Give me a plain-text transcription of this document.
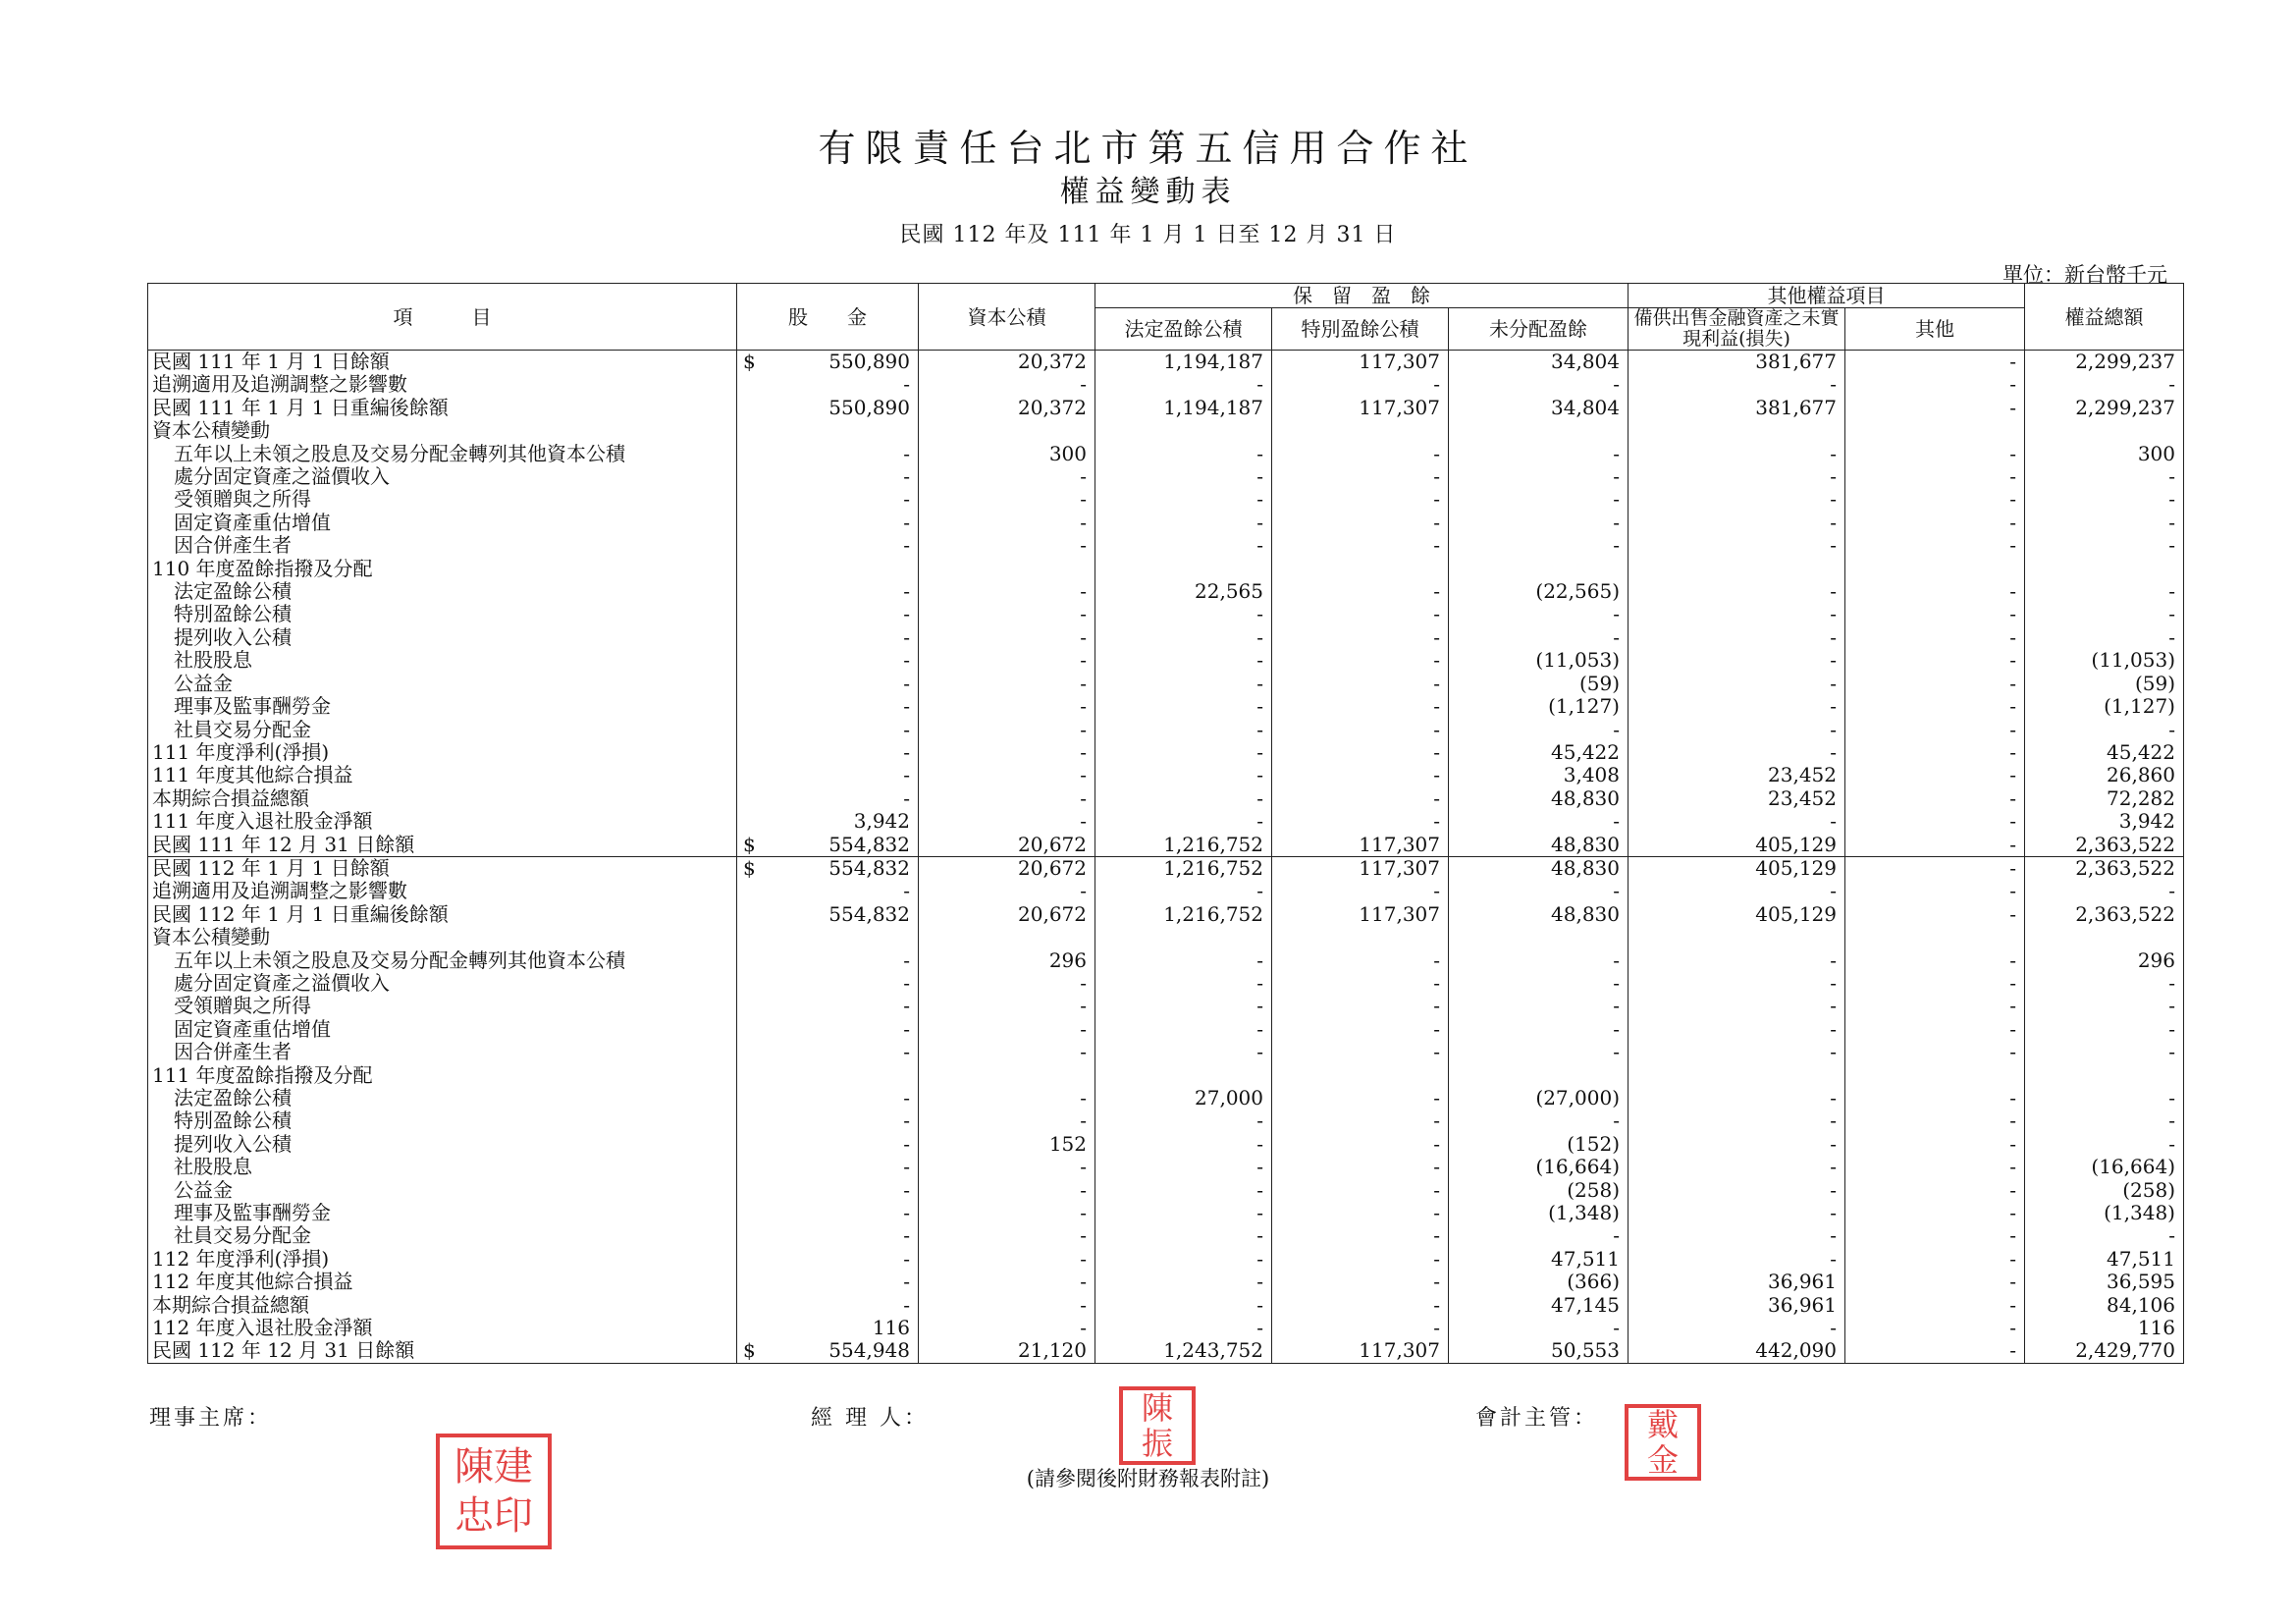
有限責任台北市第五信用合作社
權益變動表
民國 112 年及 111 年 1 月 1 日至 12 月 31 日
單位：新台幣千元
項　　　目	股　　金	資本公積	保　留　盈　餘			其他權益項目		權益總額
			法定盈餘公積	特別盈餘公積	未分配盈餘	備供出售金融資產之未實現利益(損失)	其他	
民國 111 年 1 月 1 日餘額	$ 550,890	20,372	1,194,187	117,307	34,804	381,677	-	2,299,237
追溯適用及追溯調整之影響數	-	-	-	-	-	-	-	-
民國 111 年 1 月 1 日重編後餘額	550,890	20,372	1,194,187	117,307	34,804	381,677	-	2,299,237
資本公積變動								
五年以上未領之股息及交易分配金轉列其他資本公積	-	300	-	-	-	-	-	300
處分固定資產之溢價收入	-	-	-	-	-	-	-	-
受領贈與之所得	-	-	-	-	-	-	-	-
固定資產重估增值	-	-	-	-	-	-	-	-
因合併產生者	-	-	-	-	-	-	-	-
110 年度盈餘指撥及分配								
法定盈餘公積	-	-	22,565	-	(22,565)	-	-	-
特別盈餘公積	-	-	-	-	-	-	-	-
提列收入公積	-	-	-	-	-	-	-	-
社股股息	-	-	-	-	(11,053)	-	-	(11,053)
公益金	-	-	-	-	(59)	-	-	(59)
理事及監事酬勞金	-	-	-	-	(1,127)	-	-	(1,127)
社員交易分配金	-	-	-	-	-	-	-	-
111 年度淨利(淨損)	-	-	-	-	45,422	-	-	45,422
111 年度其他綜合損益	-	-	-	-	3,408	23,452	-	26,860
本期綜合損益總額	-	-	-	-	48,830	23,452	-	72,282
111 年度入退社股金淨額	3,942	-	-	-	-	-	-	3,942
民國 111 年 12 月 31 日餘額	$ 554,832	20,672	1,216,752	117,307	48,830	405,129	-	2,363,522
民國 112 年 1 月 1 日餘額	$ 554,832	20,672	1,216,752	117,307	48,830	405,129	-	2,363,522
追溯適用及追溯調整之影響數	-	-	-	-	-	-	-	-
民國 112 年 1 月 1 日重編後餘額	554,832	20,672	1,216,752	117,307	48,830	405,129	-	2,363,522
資本公積變動								
五年以上未領之股息及交易分配金轉列其他資本公積	-	296	-	-	-	-	-	296
處分固定資產之溢價收入	-	-	-	-	-	-	-	-
受領贈與之所得	-	-	-	-	-	-	-	-
固定資產重估增值	-	-	-	-	-	-	-	-
因合併產生者	-	-	-	-	-	-	-	-
111 年度盈餘指撥及分配								
法定盈餘公積	-	-	27,000	-	(27,000)	-	-	-
特別盈餘公積	-	-	-	-	-	-	-	-
提列收入公積	-	152	-	-	(152)	-	-	-
社股股息	-	-	-	-	(16,664)	-	-	(16,664)
公益金	-	-	-	-	(258)	-	-	(258)
理事及監事酬勞金	-	-	-	-	(1,348)	-	-	(1,348)
社員交易分配金	-	-	-	-	-	-	-	-
112 年度淨利(淨損)	-	-	-	-	47,511	-	-	47,511
112 年度其他綜合損益	-	-	-	-	(366)	36,961	-	36,595
本期綜合損益總額	-	-	-	-	47,145	36,961	-	84,106
112 年度入退社股金淨額	116	-	-	-	-	-	-	116
民國 112 年 12 月 31 日餘額	$ 554,948	21,120	1,243,752	117,307	50,553	442,090	-	2,429,770
理事主席：	經 理 人：	會計主管：
陳建忠印
陳振	戴金
(請參閱後附財務報表附註)
